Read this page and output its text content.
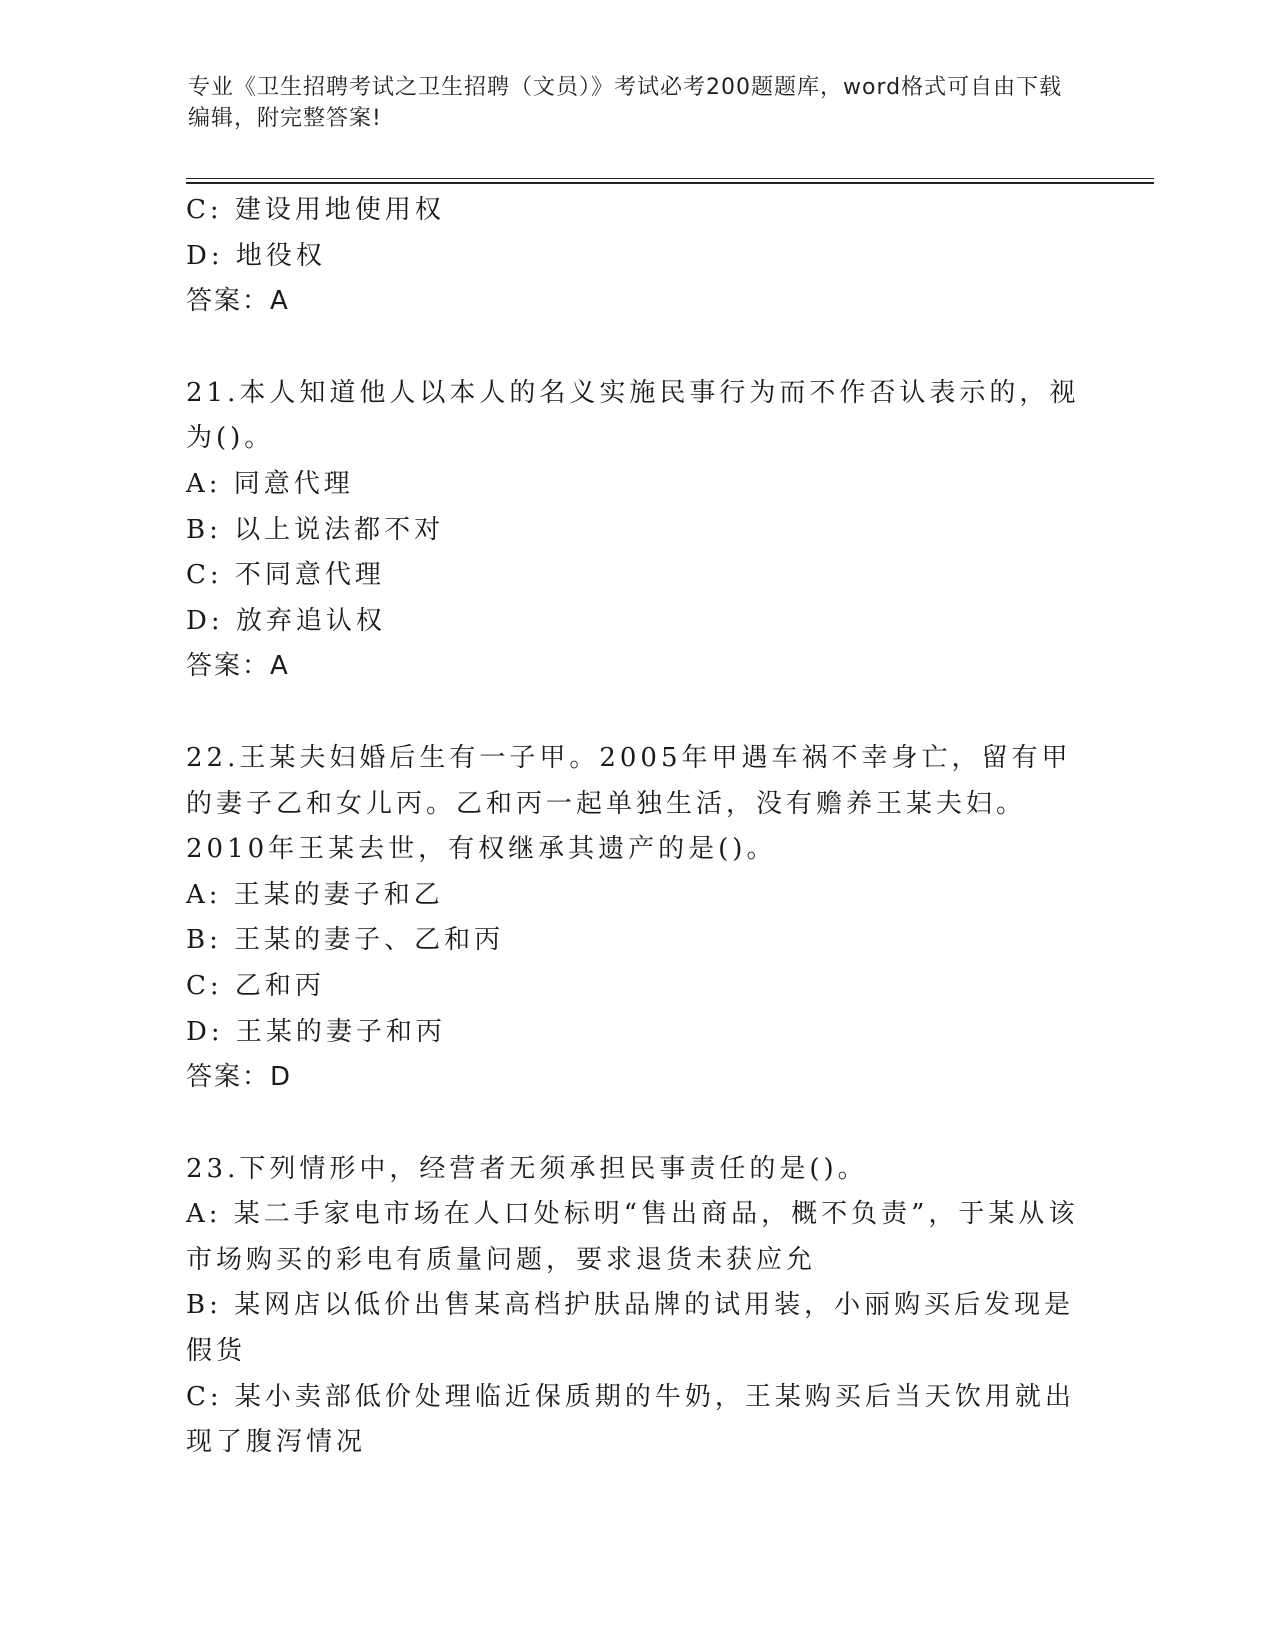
专业《卫生招聘考试之卫生招聘（文员）》考试必考200题题库，word格式可自由下载编辑，附完整答案!

C: 建设用地使用权

D: 地役权

答案：A

21.本人知道他人以本人的名义实施民事行为而不作否认表示的，视为()。

A: 同意代理

B: 以上说法都不对

C: 不同意代理

D: 放弃追认权

答案：A

22.王某夫妇婚后生有一子甲。2005年甲遇车祸不幸身亡，留有甲的妻子乙和女儿丙。乙和丙一起单独生活，没有赡养王某夫妇。2010年王某去世，有权继承其遗产的是()。

A: 王某的妻子和乙

B: 王某的妻子、乙和丙

C: 乙和丙

D: 王某的妻子和丙

答案：D

23.下列情形中，经营者无须承担民事责任的是()。

A: 某二手家电市场在人口处标明“售出商品，概不负责”，于某从该市场购买的彩电有质量问题，要求退货未获应允

B: 某网店以低价出售某高档护肤品牌的试用装，小丽购买后发现是假货

C: 某小卖部低价处理临近保质期的牛奶，王某购买后当天饮用就出现了腹泻情况
